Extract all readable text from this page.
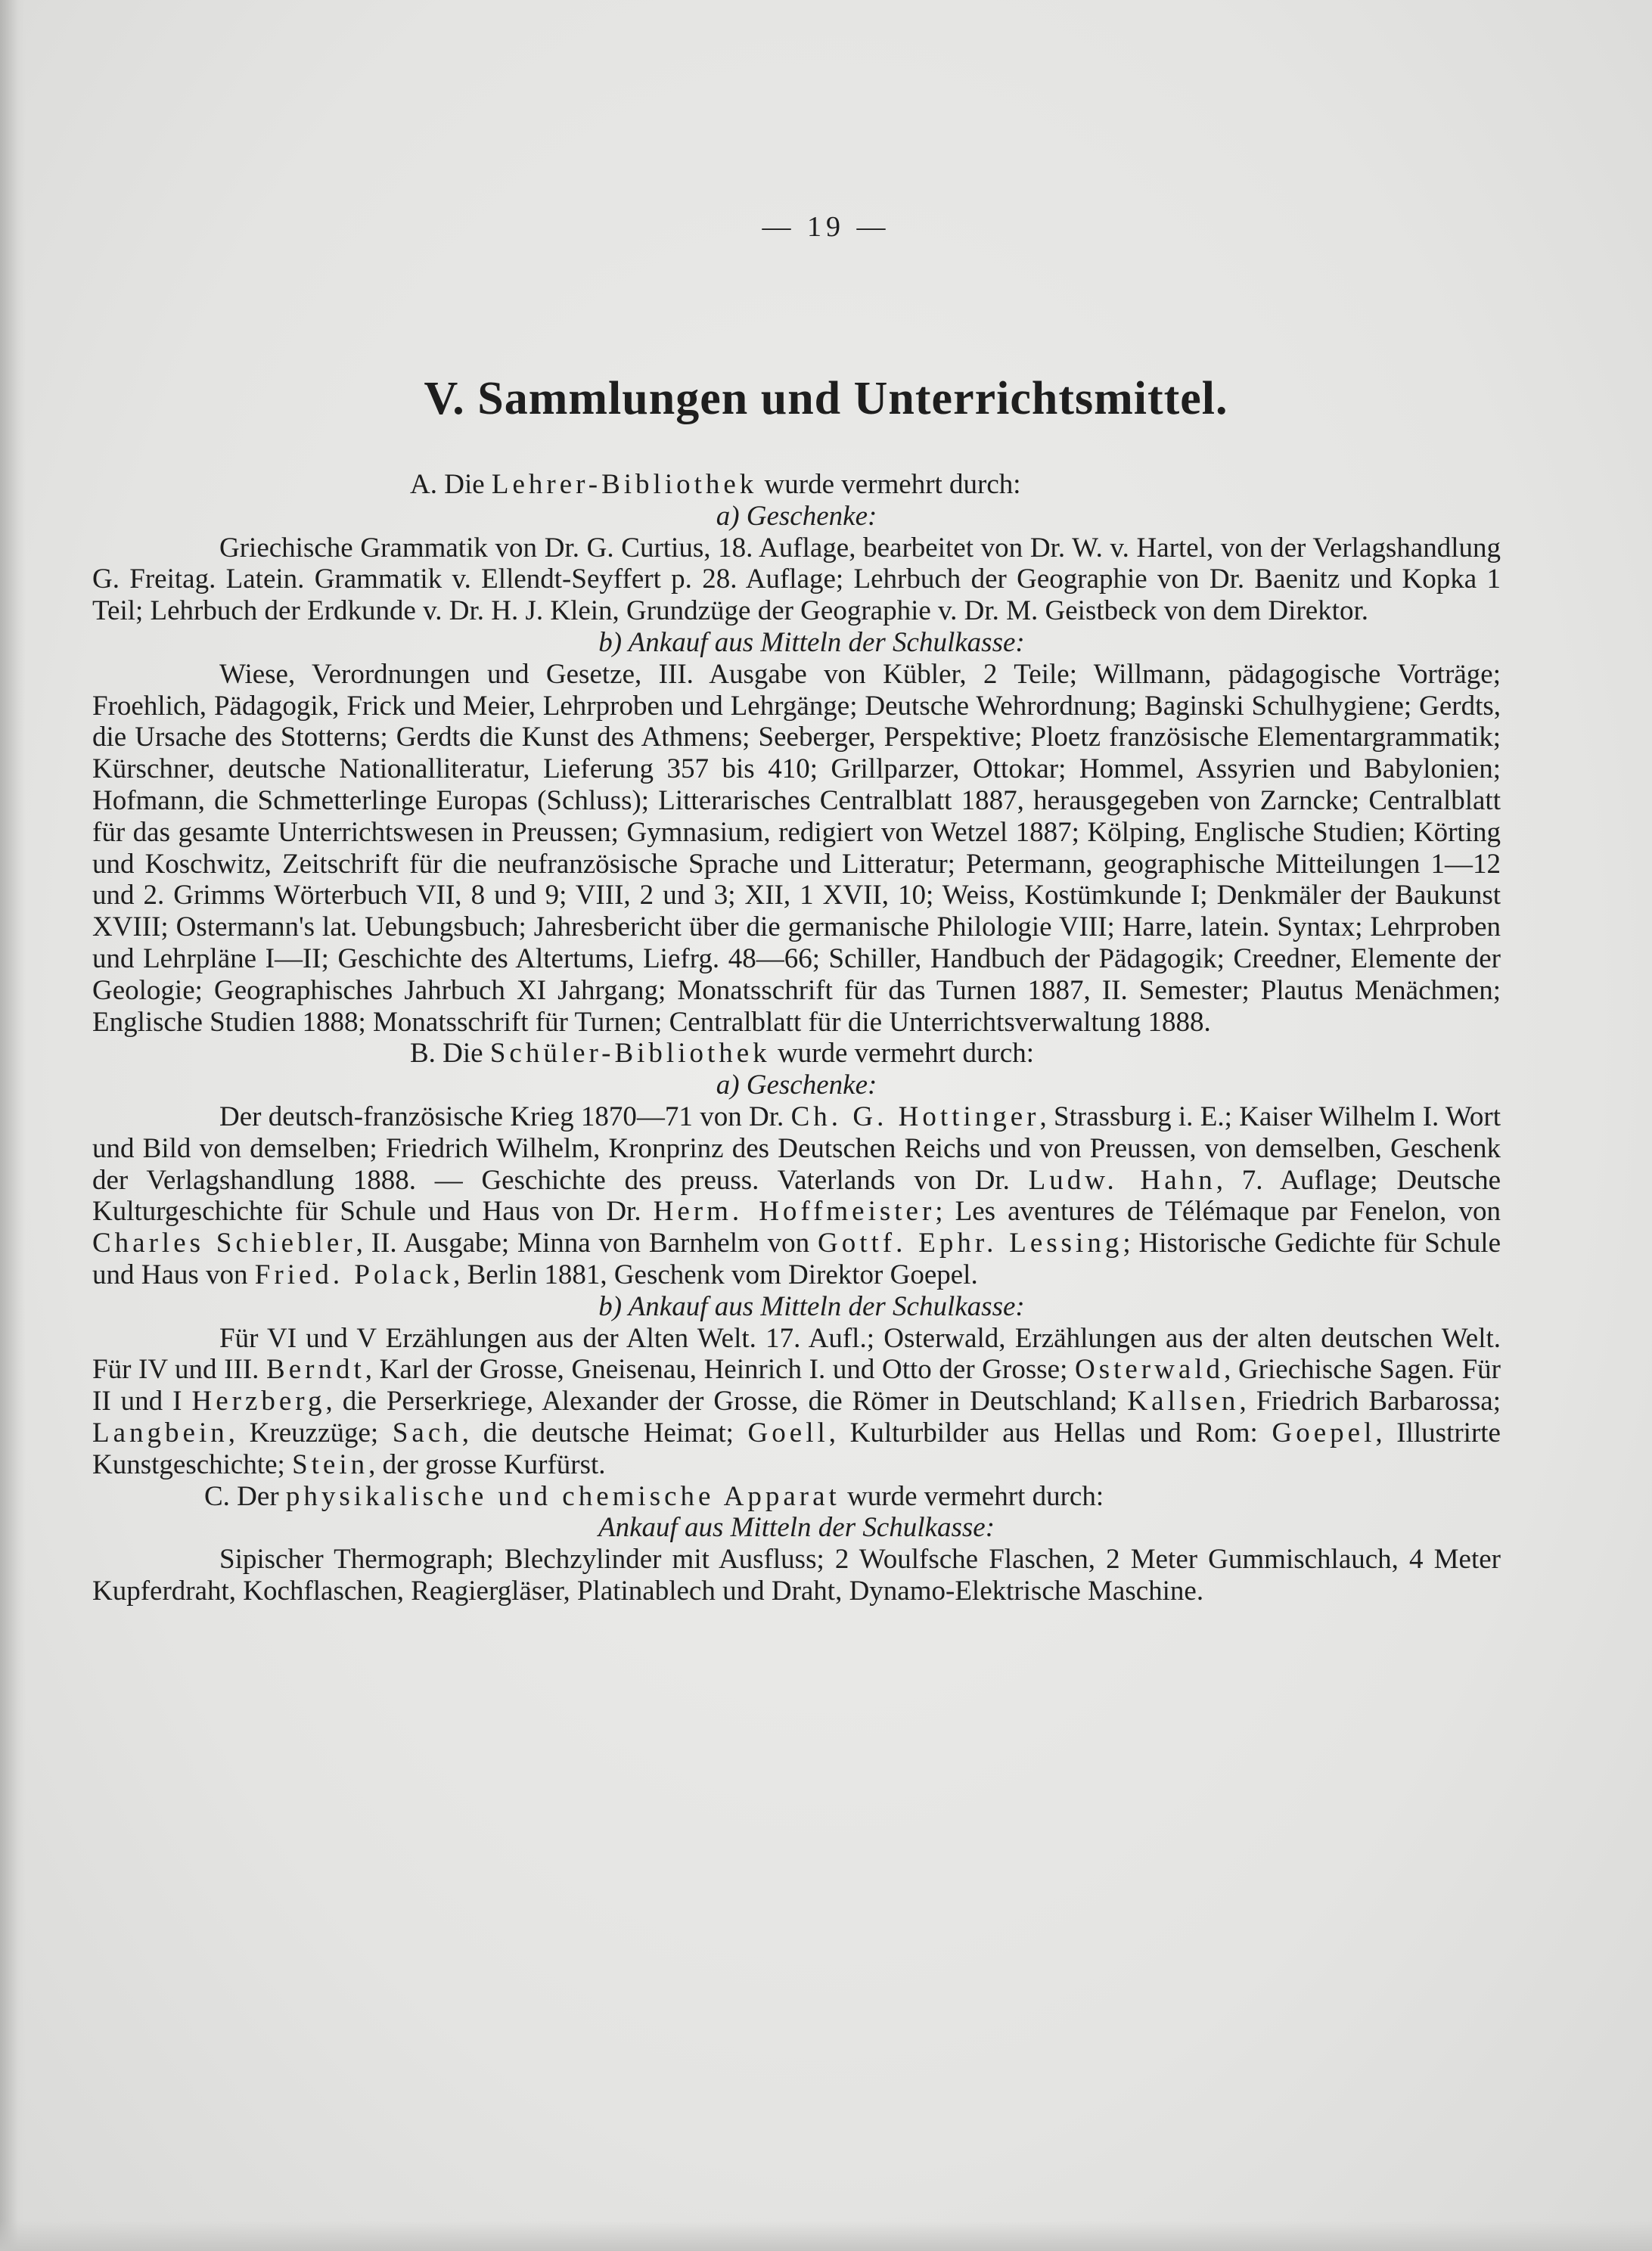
— 19 —
V. Sammlungen und Unterrichtsmittel.

A. Die Lehrer-Bibliothek wurde vermehrt durch:

a) Geschenke:

Griechische Grammatik von Dr. G. Curtius, 18. Auflage, bearbeitet von Dr. W. v. Hartel, von der Verlagshandlung G. Freitag. Latein. Grammatik v. Ellendt-Seyffert p. 28. Auflage; Lehrbuch der Geographie von Dr. Baenitz und Kopka 1 Teil; Lehrbuch der Erdkunde v. Dr. H. J. Klein, Grundzüge der Geographie v. Dr. M. Geistbeck von dem Direktor.

b) Ankauf aus Mitteln der Schulkasse:

Wiese, Verordnungen und Gesetze, III. Ausgabe von Kübler, 2 Teile; Willmann, pädagogische Vorträge; Froehlich, Pädagogik, Frick und Meier, Lehrproben und Lehrgänge; Deutsche Wehrordnung; Baginski Schulhygiene; Gerdts, die Ursache des Stotterns; Gerdts die Kunst des Athmens; Seeberger, Perspektive; Ploetz französische Elementargrammatik; Kürschner, deutsche Nationalliteratur, Lieferung 357 bis 410; Grillparzer, Ottokar; Hommel, Assyrien und Babylonien; Hofmann, die Schmetterlinge Europas (Schluss); Litterarisches Centralblatt 1887, herausgegeben von Zarncke; Centralblatt für das gesamte Unterrichtswesen in Preussen; Gymnasium, redigiert von Wetzel 1887; Kölping, Englische Studien; Körting und Koschwitz, Zeitschrift für die neufranzösische Sprache und Litteratur; Petermann, geographische Mitteilungen 1—12 und 2. Grimms Wörterbuch VII, 8 und 9; VIII, 2 und 3; XII, 1 XVII, 10; Weiss, Kostümkunde I; Denkmäler der Baukunst XVIII; Ostermann's lat. Uebungsbuch; Jahresbericht über die germanische Philologie VIII; Harre, latein. Syntax; Lehrproben und Lehrpläne I—II; Geschichte des Altertums, Liefrg. 48—66; Schiller, Handbuch der Pädagogik; Creedner, Elemente der Geologie; Geographisches Jahrbuch XI Jahrgang; Monatsschrift für das Turnen 1887, II. Semester; Plautus Menächmen; Englische Studien 1888; Monatsschrift für Turnen; Centralblatt für die Unterrichtsverwaltung 1888.

B. Die Schüler-Bibliothek wurde vermehrt durch:

a) Geschenke:

Der deutsch-französische Krieg 1870—71 von Dr. Ch. G. Hottinger, Strassburg i. E.; Kaiser Wilhelm I. Wort und Bild von demselben; Friedrich Wilhelm, Kronprinz des Deutschen Reichs und von Preussen, von demselben, Geschenk der Verlagshandlung 1888. — Geschichte des preuss. Vaterlands von Dr. Ludw. Hahn, 7. Auflage; Deutsche Kulturgeschichte für Schule und Haus von Dr. Herm. Hoffmeister; Les aventures de Télémaque par Fenelon, von Charles Schiebler, II. Ausgabe; Minna von Barnhelm von Gottf. Ephr. Lessing; Historische Gedichte für Schule und Haus von Fried. Polack, Berlin 1881, Geschenk vom Direktor Goepel.

b) Ankauf aus Mitteln der Schulkasse:

Für VI und V Erzählungen aus der Alten Welt. 17. Aufl.; Osterwald, Erzählungen aus der alten deutschen Welt. Für IV und III. Berndt, Karl der Grosse, Gneisenau, Heinrich I. und Otto der Grosse; Osterwald, Griechische Sagen. Für II und I Herzberg, die Perserkriege, Alexander der Grosse, die Römer in Deutschland; Kallsen, Friedrich Barbarossa; Langbein, Kreuzzüge; Sach, die deutsche Heimat; Goell, Kulturbilder aus Hellas und Rom: Goepel, Illustrirte Kunstgeschichte; Stein, der grosse Kurfürst.

C. Der physikalische und chemische Apparat wurde vermehrt durch:

Ankauf aus Mitteln der Schulkasse:

Sipischer Thermograph; Blechzylinder mit Ausfluss; 2 Woulfsche Flaschen, 2 Meter Gummischlauch, 4 Meter Kupferdraht, Kochflaschen, Reagiergläser, Platinablech und Draht, Dynamo-Elektrische Maschine.
